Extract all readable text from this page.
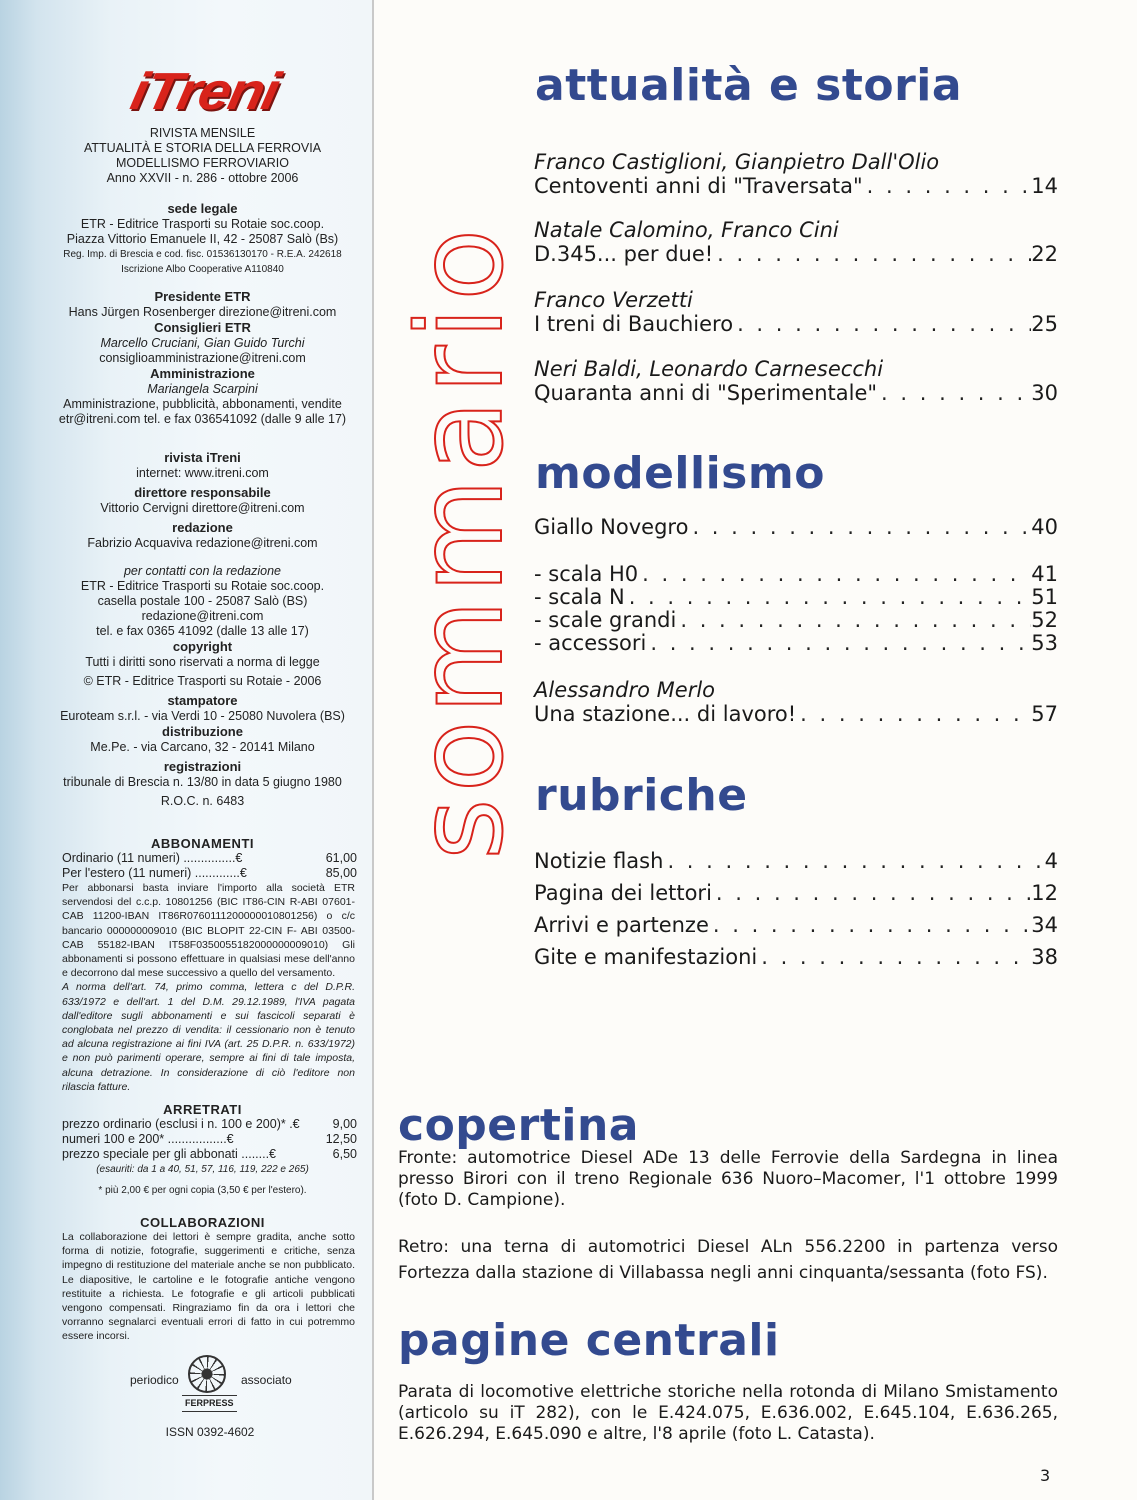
iTreni

RIVISTA MENSILE

ATTUALITÀ E STORIA DELLA FERROVIA

MODELLISMO FERROVIARIO

Anno XXVII - n. 286 - ottobre 2006

sede legale

ETR - Editrice Trasporti su Rotaie soc.coop.

Piazza Vittorio Emanuele II, 42 - 25087 Salò (Bs)

Reg. Imp. di Brescia e cod. fisc. 01536130170 - R.E.A. 242618

Iscrizione Albo Cooperative A110840

Presidente ETR

Hans Jürgen Rosenberger direzione@itreni.com

Consiglieri ETR

Marcello Cruciani, Gian Guido Turchi

consiglioamministrazione@itreni.com

Amministrazione

Mariangela Scarpini

Amministrazione, pubblicità, abbonamenti, vendite

etr@itreni.com tel. e fax 036541092 (dalle 9 alle 17)

rivista iTreni

internet: www.itreni.com

direttore responsabile

Vittorio Cervigni direttore@itreni.com

redazione

Fabrizio Acquaviva redazione@itreni.com

per contatti con la redazione

ETR - Editrice Trasporti su Rotaie soc.coop.

casella postale 100 - 25087 Salò (BS)

redazione@itreni.com

tel. e fax 0365 41092 (dalle 13 alle 17)

copyright

Tutti i diritti sono riservati a norma di legge

© ETR - Editrice Trasporti su Rotaie - 2006

stampatore

Euroteam s.r.l. - via Verdi 10 - 25080 Nuvolera (BS)

distribuzione

Me.Pe. - via Carcano, 32 - 20141 Milano

registrazioni

tribunale di Brescia n. 13/80 in data 5 giugno 1980

R.O.C. n. 6483

ABBONAMENTI

Ordinario (11 numeri) ...............€	61,00
Per l'estero (11 numeri) .............€	85,00

Per abbonarsi basta inviare l'importo alla società ETR servendosi del c.c.p. 10801256 (BIC IT86-CIN R-ABI 07601-CAB 11200-IBAN IT86R0760111200000010801256) o c/c bancario 000000009010 (BIC BLOPIT 22-CIN F- ABI 03500-CAB 55182-IBAN IT58F0350055182000000009010) Gli abbonamenti si possono effettuare in qualsiasi mese dell'anno e decorrono dal mese successivo a quello del versamento.

A norma dell'art. 74, primo comma, lettera c del D.P.R. 633/1972 e dell'art. 1 del D.M. 29.12.1989, l'IVA pagata dall'editore sugli abbonamenti e sui fascicoli separati è conglobata nel prezzo di vendita: il cessionario non è tenuto ad alcuna registrazione ai fini IVA (art. 25 D.P.R. n. 633/1972) e non può parimenti operare, sempre ai fini di tale imposta, alcuna detrazione. In considerazione di ciò l'editore non rilascia fatture.

ARRETRATI

prezzo ordinario (esclusi i n. 100 e 200)* .€	9,00
numeri 100 e 200* .................€	12,50
prezzo speciale per gli abbonati ........€	6,50

(esauriti: da 1 a 40, 51, 57, 116, 119, 222 e 265)

* più 2,00 € per ogni copia (3,50 € per l'estero).

COLLABORAZIONI

La collaborazione dei lettori è sempre gradita, anche sotto forma di notizie, fotografie, suggerimenti e critiche, senza impegno di restituzione del materiale anche se non pubblicato. Le diapositive, le cartoline e le fotografie antiche vengono restituite a richiesta. Le fotografie e gli articoli pubblicati vengono compensati. Ringraziamo fin da ora i lettori che vorranno segnalarci eventuali errori di fatto in cui potremmo essere incorsi.

periodico	associato
FERPRESS
ISSN 0392-4602
sommario
attualità e storia
Franco Castiglioni, Gianpietro Dall'Olio
Centoventi anni di "Traversata" . . .	14
Natale Calomino, Franco Cini
D.345... per due! . . .	22
Franco Verzetti
I treni di Bauchiero . . .	25
Neri Baldi, Leonardo Carnesecchi
Quaranta anni di "Sperimentale" . . .	30
modellismo
Giallo Novegro . . .	40
- scala H0 . . .	41
- scala N . . .	51
- scale grandi . . .	52
- accessori . . .	53
Alessandro Merlo
Una stazione... di lavoro! . . .	57
rubriche
Notizie flash . . .	4
Pagina dei lettori . . .	12
Arrivi e partenze . . .	34
Gite e manifestazioni . . .	38
copertina

Fronte: automotrice Diesel ADe 13 delle Ferrovie della Sardegna in linea presso Birori con il treno Regionale 636 Nuoro–Macomer, l'1 ottobre 1999 (foto D. Campione).

Retro: una terna di automotrici Diesel ALn 556.2200 in partenza verso Fortezza dalla stazione di Villabassa negli anni cinquanta/sessanta (foto FS).

pagine centrali

Parata di locomotive elettriche storiche nella rotonda di Milano Smistamento (articolo su iT 282), con le E.424.075, E.636.002, E.645.104, E.636.265, E.626.294, E.645.090 e altre, l'8 aprile (foto L. Catasta).

3
